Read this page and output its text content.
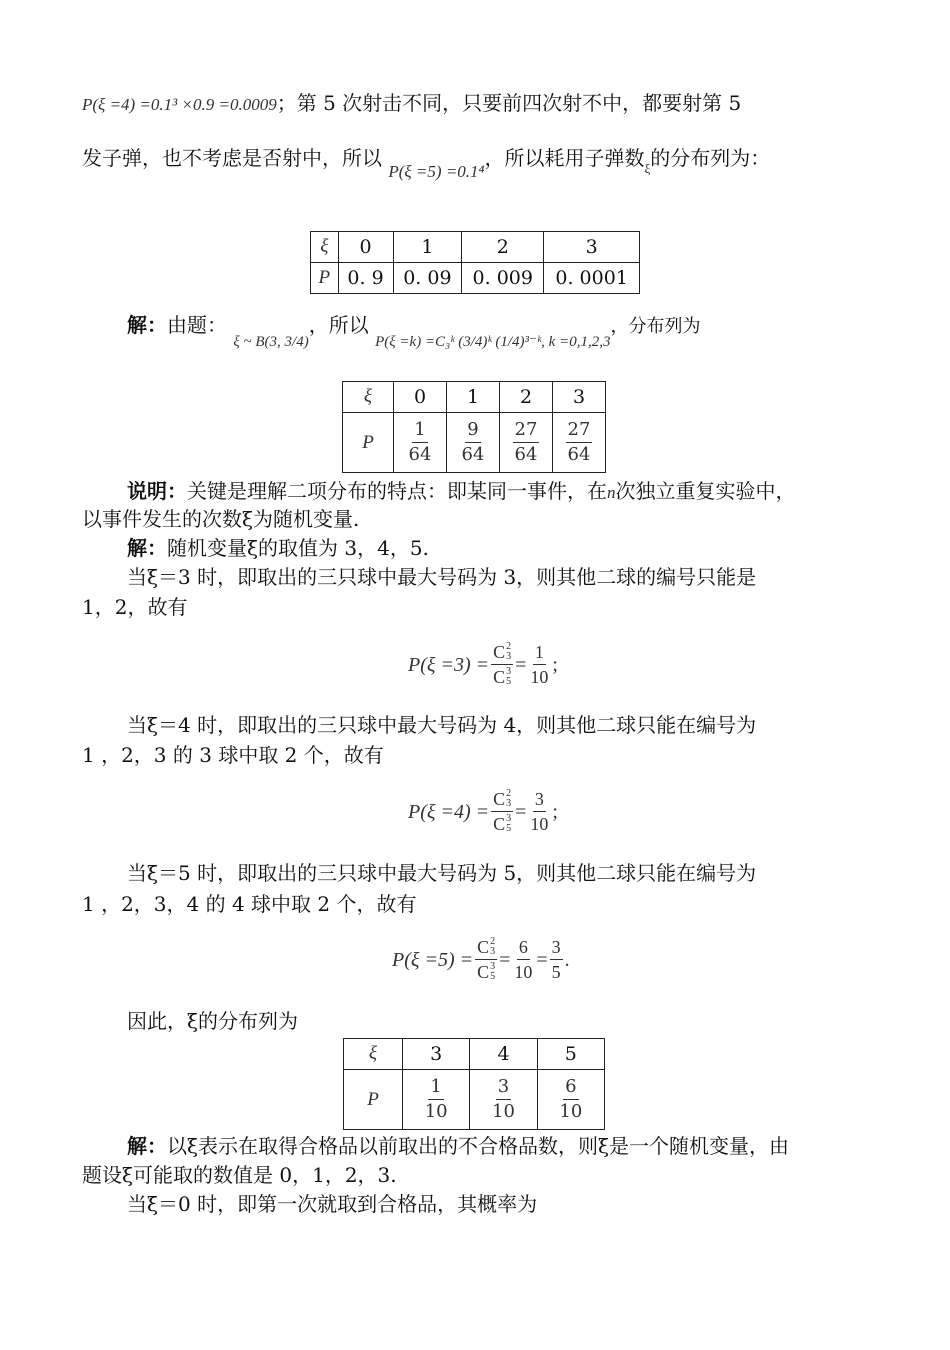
P(ξ =4) =0.1³ ×0.9 =0.0009；第 5 次射击不同，只要前四次射不中，都要射第 5
发子弹，也不考虑是否射中，所以 $_{P(\xi =5) =0.1^4}$，所以耗用子弹数$_\xi$的分布列为：
ξ	0	1	2	3
P	0. 9	0. 09	0. 009	0. 0001
解：由题： $_{\xi \sim B(3, 3/4)}$，所以 $_{P(\xi =k) =C_3ᵏ (3/4)ᵏ (1/4)^{3-}ᵏ, k =0,1,2,3}$，分布列为
ξ	0	1	2	3
P	$\frac{1}{64}$	$\frac{9}{64}$	$\frac{27}{64}$	$\frac{27}{64}$
说明：关键是理解二项分布的特点：即某同一事件，在n次独立重复实验中，
以事件发生的次数ξ为随机变量.
解：随机变量ξ的取值为 3，4，5.
当ξ＝3 时，即取出的三只球中最大号码为 3，则其他二球的编号只能是
1，2，故有
P(ξ =3) = C 2
3
C 3
$5 = \frac{1}{10}$ ;
当ξ＝4 时，即取出的三只球中最大号码为 4，则其他二球只能在编号为
1 ，2，3 的 3 球中取 2 个，故有
P(ξ =4) = C 2
3
C 3
$5 = \frac{3}{10}$ ;
当ξ＝5 时，即取出的三只球中最大号码为 5，则其他二球只能在编号为
1 ，2，3，4 的 4 球中取 2 个，故有
P(ξ =5) = C 2
3
C 3
$5 = \frac{6}{10} = \frac{3}{5}$ .
因此，ξ的分布列为
ξ	3	4	5
P	$\frac{1}{10}$	$\frac{3}{10}$	$\frac{6}{10}$
解：以ξ表示在取得合格品以前取出的不合格品数，则ξ是一个随机变量，由
题设ξ可能取的数值是 0，1，2，3.
当ξ＝0 时，即第一次就取到合格品，其概率为
